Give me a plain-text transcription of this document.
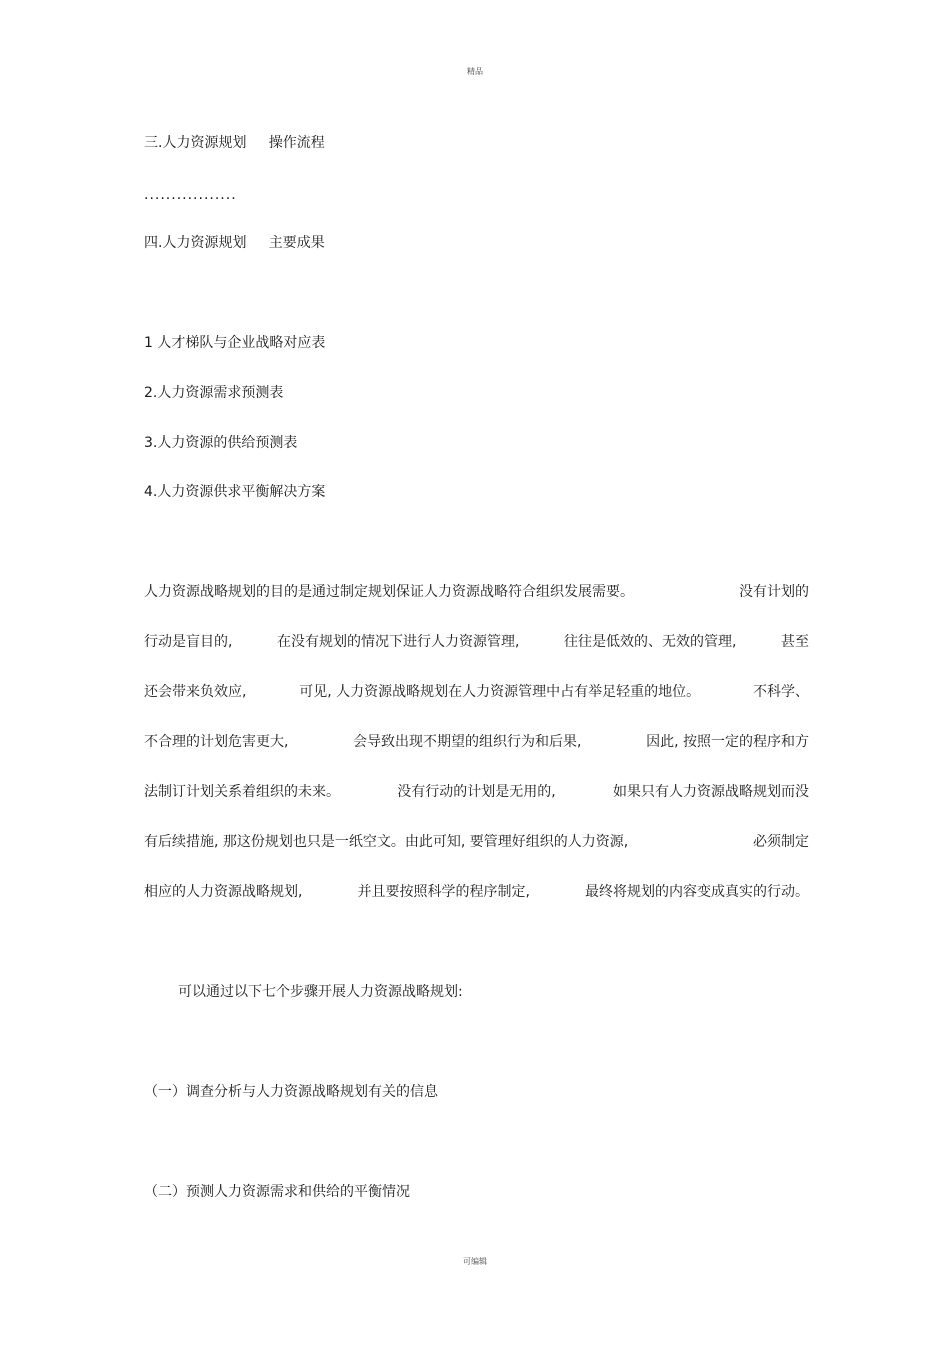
精品
三.人力资源规划     操作流程
.................
四.人力资源规划     主要成果
1 人才梯队与企业战略对应表
2.人力资源需求预测表
3.人力资源的供给预测表
4.人力资源供求平衡解决方案
人力资源战略规划的目的是通过制定规划保证人力资源战略符合组织发展需要。	没有计划的
行动是盲目的,	在没有规划的情况下进行人力资源管理,	往往是低效的、无效的管理,	甚至
还会带来负效应,	可见, 人力资源战略规划在人力资源管理中占有举足轻重的地位。	不科学、
不合理的计划危害更大,	会导致出现不期望的组织行为和后果,	因此, 按照一定的程序和方
法制订计划关系着组织的未来。	没有行动的计划是无用的,	如果只有人力资源战略规划而没
有后续措施, 那这份规划也只是一纸空文。由此可知, 要管理好组织的人力资源,	必须制定
相应的人力资源战略规划,	并且要按照科学的程序制定,	最终将规划的内容变成真实的行动。
可以通过以下七个步骤开展人力资源战略规划:
（一）调查分析与人力资源战略规划有关的信息
（二）预测人力资源需求和供给的平衡情况
可编辑
